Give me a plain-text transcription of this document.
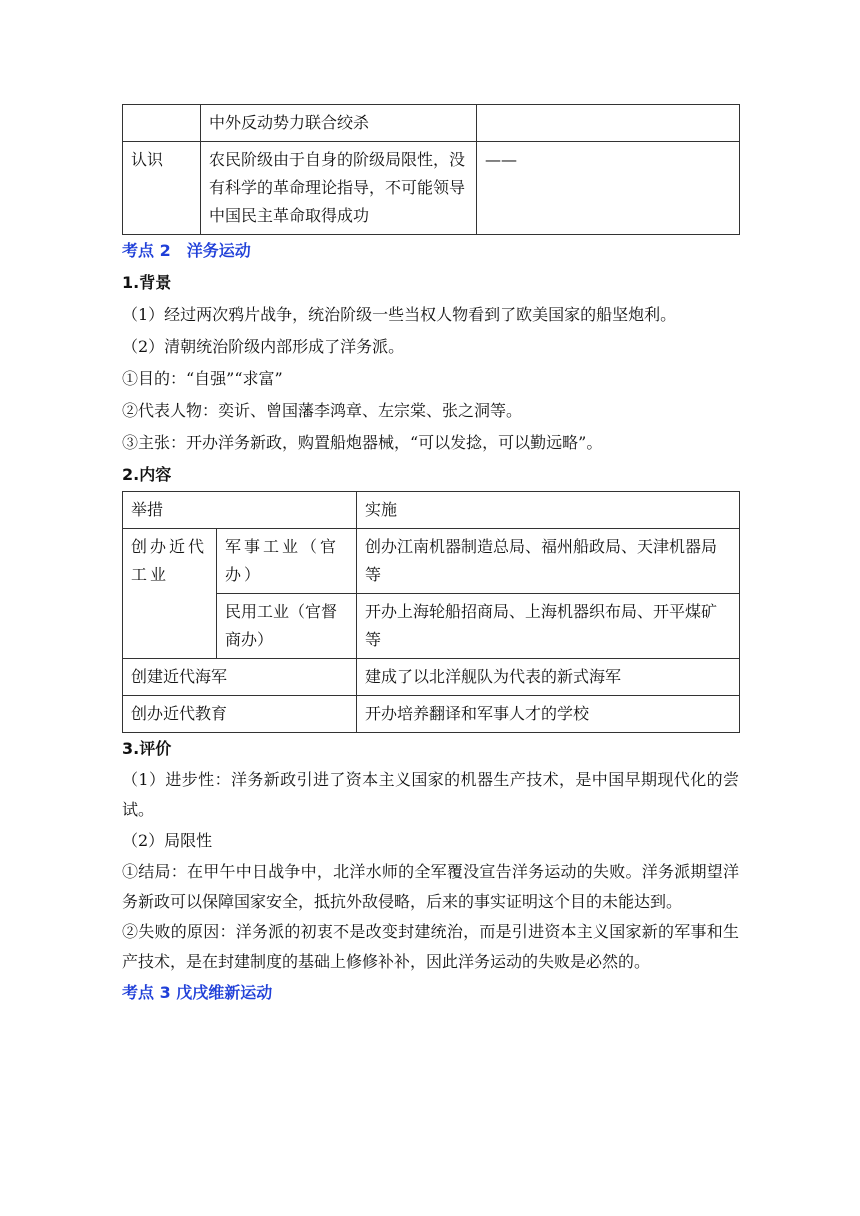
	中外反动势力联合绞杀	
认识	农民阶级由于自身的阶级局限性，没有科学的革命理论指导，不可能领导中国民主革命取得成功	——

考点 2　洋务运动

1.背景

（1）经过两次鸦片战争，统治阶级一些当权人物看到了欧美国家的船坚炮利。

（2）清朝统治阶级内部形成了洋务派。

①目的：“自强”“求富”

②代表人物：奕䜣、曾国藩李鸿章、左宗棠、张之洞等。

③主张：开办洋务新政，购置船炮器械，“可以发捻，可以勤远略”。

2.内容

举措		实施
创办近代工业	军事工业（官办）	创办江南机器制造总局、福州船政局、天津机器局等
	民用工业（官督商办）	开办上海轮船招商局、上海机器织布局、开平煤矿等
创建近代海军		建成了以北洋舰队为代表的新式海军
创办近代教育		开办培养翻译和军事人才的学校

3.评价

（1）进步性：洋务新政引进了资本主义国家的机器生产技术，是中国早期现代化的尝试。

（2）局限性

①结局：在甲午中日战争中，北洋水师的全军覆没宣告洋务运动的失败。洋务派期望洋务新政可以保障国家安全，抵抗外敌侵略，后来的事实证明这个目的未能达到。

②失败的原因：洋务派的初衷不是改变封建统治，而是引进资本主义国家新的军事和生产技术，是在封建制度的基础上修修补补，因此洋务运动的失败是必然的。

考点 3 戊戌维新运动
